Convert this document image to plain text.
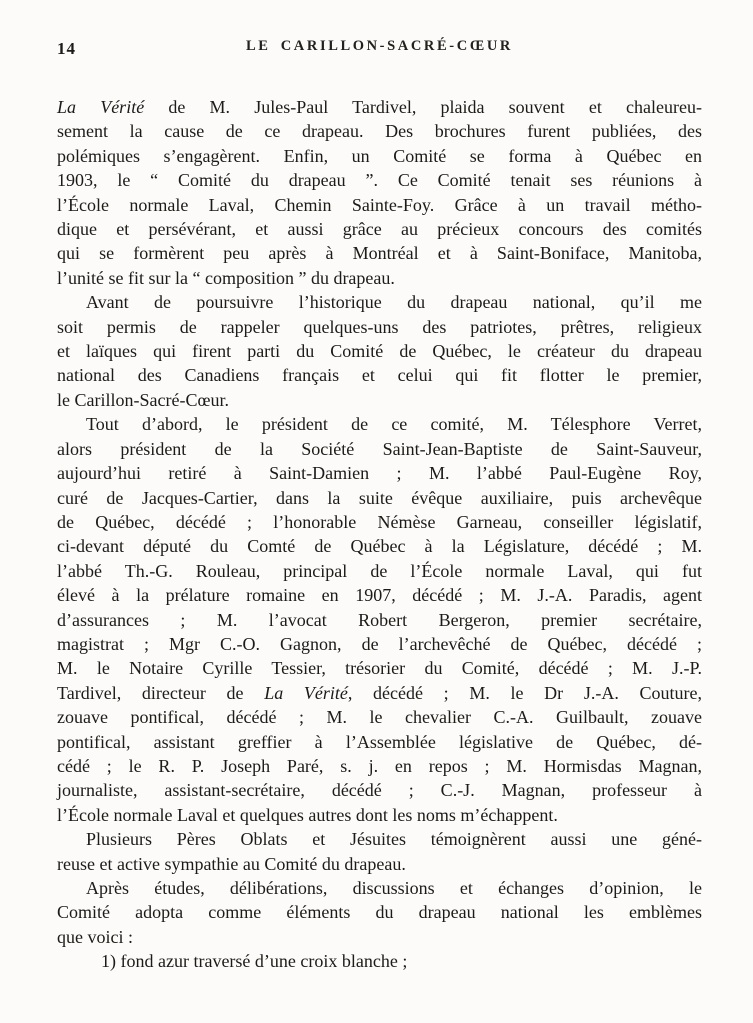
14	LE CARILLON-SACRÉ-CŒUR
La Vérité de M. Jules-Paul Tardivel, plaida souvent et chaleureu-
sement la cause de ce drapeau. Des brochures furent publiées, des
polémiques s’engagèrent. Enfin, un Comité se forma à Québec en
1903, le “ Comité du drapeau ”. Ce Comité tenait ses réunions à
l’École normale Laval, Chemin Sainte-Foy. Grâce à un travail métho-
dique et persévérant, et aussi grâce au précieux concours des comités
qui se formèrent peu après à Montréal et à Saint-Boniface, Manitoba,
l’unité se fit sur la “ composition ” du drapeau.
Avant de poursuivre l’historique du drapeau national, qu’il me
soit permis de rappeler quelques-uns des patriotes, prêtres, religieux
et laïques qui firent parti du Comité de Québec, le créateur du drapeau
national des Canadiens français et celui qui fit flotter le premier,
le Carillon-Sacré-Cœur.
Tout d’abord, le président de ce comité, M. Télesphore Verret,
alors président de la Société Saint-Jean-Baptiste de Saint-Sauveur,
aujourd’hui retiré à Saint-Damien ; M. l’abbé Paul-Eugène Roy,
curé de Jacques-Cartier, dans la suite évêque auxiliaire, puis archevêque
de Québec, décédé ; l’honorable Némèse Garneau, conseiller législatif,
ci-devant député du Comté de Québec à la Législature, décédé ; M.
l’abbé Th.-G. Rouleau, principal de l’École normale Laval, qui fut
élevé à la prélature romaine en 1907, décédé ; M. J.-A. Paradis, agent
d’assurances ; M. l’avocat Robert Bergeron, premier secrétaire,
magistrat ; Mgr C.-O. Gagnon, de l’archevêché de Québec, décédé ;
M. le Notaire Cyrille Tessier, trésorier du Comité, décédé ; M. J.-P.
Tardivel, directeur de La Vérité, décédé ; M. le Dr J.-A. Couture,
zouave pontifical, décédé ; M. le chevalier C.-A. Guilbault, zouave
pontifical, assistant greffier à l’Assemblée législative de Québec, dé-
cédé ; le R. P. Joseph Paré, s. j. en repos ; M. Hormisdas Magnan,
journaliste, assistant-secrétaire, décédé ; C.-J. Magnan, professeur à
l’École normale Laval et quelques autres dont les noms m’échappent.
Plusieurs Pères Oblats et Jésuites témoignèrent aussi une géné-
reuse et active sympathie au Comité du drapeau.
Après études, délibérations, discussions et échanges d’opinion, le
Comité adopta comme éléments du drapeau national les emblèmes
que voici :
1) fond azur traversé d’une croix blanche ;
